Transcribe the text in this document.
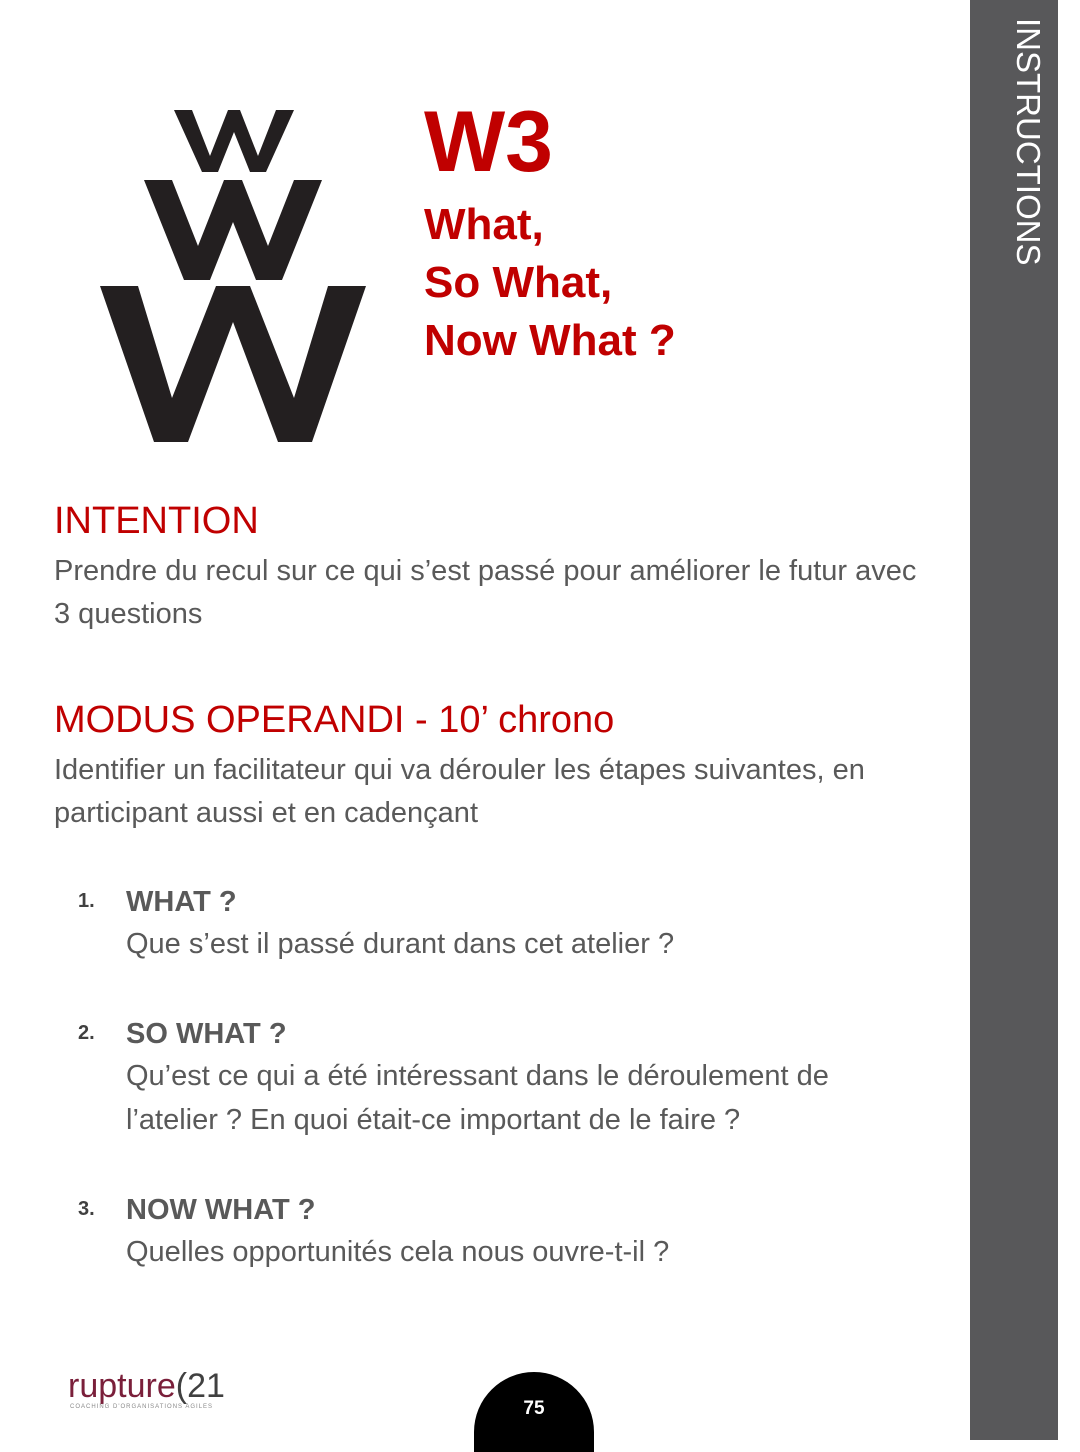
INSTRUCTIONS
W3
What,
So What,
Now What ?
INTENTION
Prendre du recul sur ce qui s’est passé pour améliorer le futur avec 3 questions
MODUS OPERANDI - 10’ chrono
Identifier un facilitateur qui va dérouler les étapes suivantes, en participant aussi et en cadençant
1. WHAT ?
Que s’est il passé durant dans cet atelier ?
2. SO WHAT ?
Qu’est ce qui a été intéressant dans le déroulement de l’atelier ? En quoi était-ce important de le faire ?
3. NOW WHAT ?
Quelles opportunités cela nous ouvre-t-il ?
rupture(21
COACHING D'ORGANISATIONS AGILES	75
